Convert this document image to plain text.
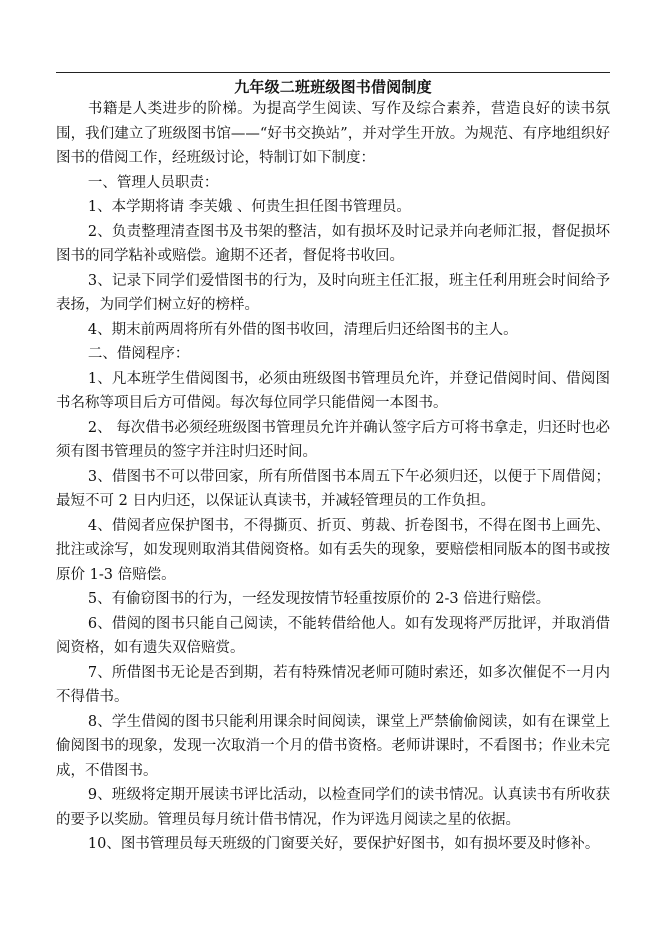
九年级二班班级图书借阅制度

书籍是人类进步的阶梯。为提高学生阅读、写作及综合素养，营造良好的读书氛围，我们建立了班级图书馆——“好书交换站”，并对学生开放。为规范、有序地组织好图书的借阅工作，经班级讨论，特制订如下制度：

一、管理人员职责：

1、本学期将请 李芙娥 、何贵生担任图书管理员。

2、负责整理清查图书及书架的整洁，如有损坏及时记录并向老师汇报，督促损坏图书的同学粘补或赔偿。逾期不还者，督促将书收回。

3、记录下同学们爱惜图书的行为，及时向班主任汇报，班主任利用班会时间给予表扬，为同学们树立好的榜样。

4、期末前两周将所有外借的图书收回，清理后归还给图书的主人。

二、借阅程序：

1、凡本班学生借阅图书，必须由班级图书管理员允许，并登记借阅时间、借阅图书名称等项目后方可借阅。每次每位同学只能借阅一本图书。

2、 每次借书必须经班级图书管理员允许并确认签字后方可将书拿走，归还时也必须有图书管理员的签字并注时归还时间。

3、借图书不可以带回家，所有所借图书本周五下午必须归还，以便于下周借阅；最短不可 2 日内归还，以保证认真读书，并减轻管理员的工作负担。

4、借阅者应保护图书，不得撕页、折页、剪裁、折卷图书，不得在图书上画先、批注或涂写，如发现则取消其借阅资格。如有丢失的现象，要赔偿相同版本的图书或按原价 1-3 倍赔偿。

5、有偷窃图书的行为，一经发现按情节轻重按原价的 2-3 倍进行赔偿。

6、借阅的图书只能自己阅读，不能转借给他人。如有发现将严厉批评，并取消借阅资格，如有遗失双倍赔赏。

7、所借图书无论是否到期，若有特殊情况老师可随时索还，如多次催促不一月内不得借书。

8、学生借阅的图书只能利用课余时间阅读，课堂上严禁偷偷阅读，如有在课堂上偷阅图书的现象，发现一次取消一个月的借书资格。老师讲课时，不看图书；作业未完成，不借图书。

9、班级将定期开展读书评比活动，以检查同学们的读书情况。认真读书有所收获的要予以奖励。管理员每月统计借书情况，作为评选月阅读之星的依据。

10、图书管理员每天班级的门窗要关好，要保护好图书，如有损坏要及时修补。
